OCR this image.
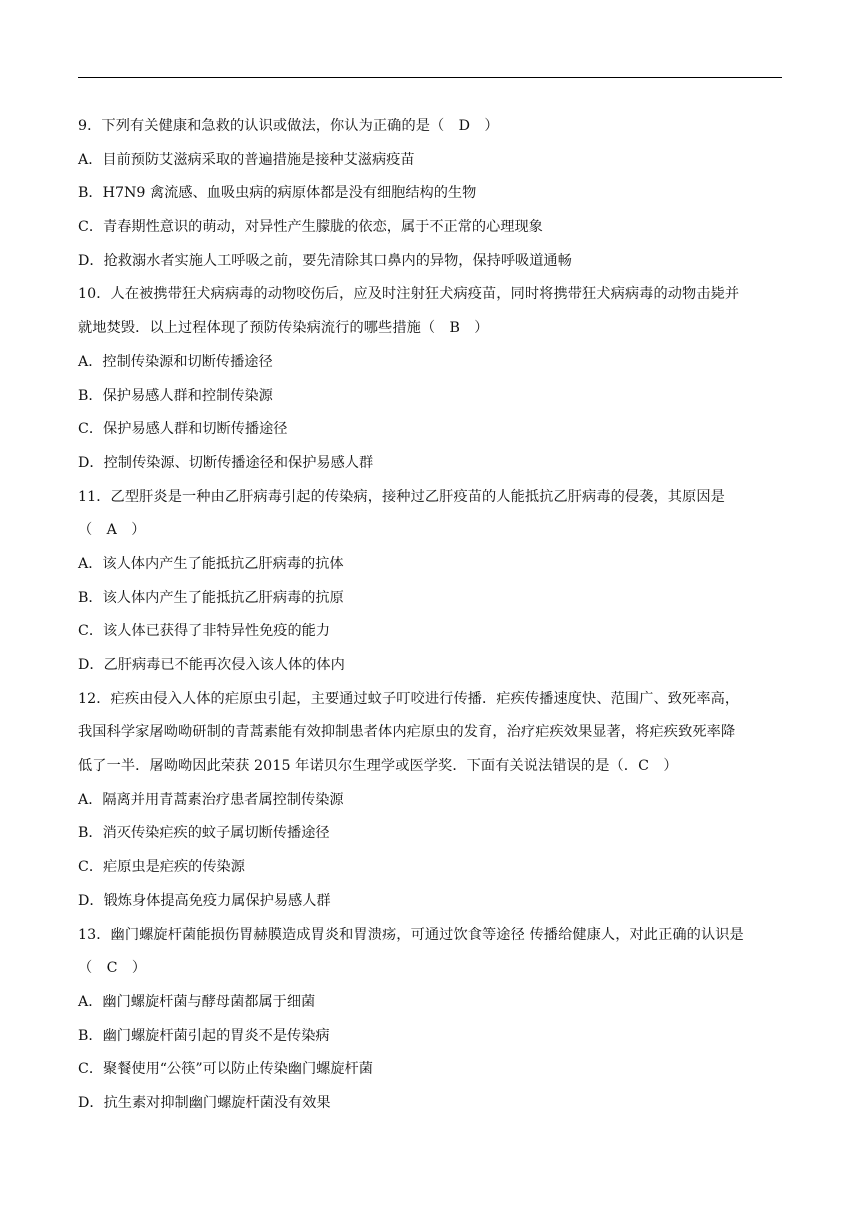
9．下列有关健康和急救的认识或做法，你认为正确的是（　D　）
A．目前预防艾滋病采取的普遍措施是接种艾滋病疫苗
B．H7N9 禽流感、血吸虫病的病原体都是没有细胞结构的生物
C．青春期性意识的萌动，对异性产生朦胧的依恋，属于不正常的心理现象
D．抢救溺水者实施人工呼吸之前，要先清除其口鼻内的异物，保持呼吸道通畅
10．人在被携带狂犬病病毒的动物咬伤后，应及时注射狂犬病疫苗，同时将携带狂犬病病毒的动物击毙并
就地焚毁．以上过程体现了预防传染病流行的哪些措施（　B　）
A．控制传染源和切断传播途径
B．保护易感人群和控制传染源
C．保护易感人群和切断传播途径
D．控制传染源、切断传播途径和保护易感人群
11．乙型肝炎是一种由乙肝病毒引起的传染病，接种过乙肝疫苗的人能抵抗乙肝病毒的侵袭，其原因是
（　A　）
A．该人体内产生了能抵抗乙肝病毒的抗体
B．该人体内产生了能抵抗乙肝病毒的抗原
C．该人体已获得了非特异性免疫的能力
D．乙肝病毒已不能再次侵入该人体的体内
12．疟疾由侵入人体的疟原虫引起，主要通过蚊子叮咬进行传播．疟疾传播速度快、范围广、致死率高，
我国科学家屠呦呦研制的青蒿素能有效抑制患者体内疟原虫的发育，治疗疟疾效果显著，将疟疾致死率降
低了一半．屠呦呦因此荣获 2015 年诺贝尔生理学或医学奖．下面有关说法错误的是（．C　）
A．隔离并用青蒿素治疗患者属控制传染源
B．消灭传染疟疾的蚊子属切断传播途径
C．疟原虫是疟疾的传染源
D．锻炼身体提高免疫力属保护易感人群
13．幽门螺旋杆菌能损伤胃赫膜造成胃炎和胃溃疡，可通过饮食等途径 传播给健康人，对此正确的认识是
（　C　）
A．幽门螺旋杆菌与酵母菌都属于细菌
B．幽门螺旋杆菌引起的胃炎不是传染病
C．聚餐使用“公筷”可以防止传染幽门螺旋杆菌
D．抗生素对抑制幽门螺旋杆菌没有效果
